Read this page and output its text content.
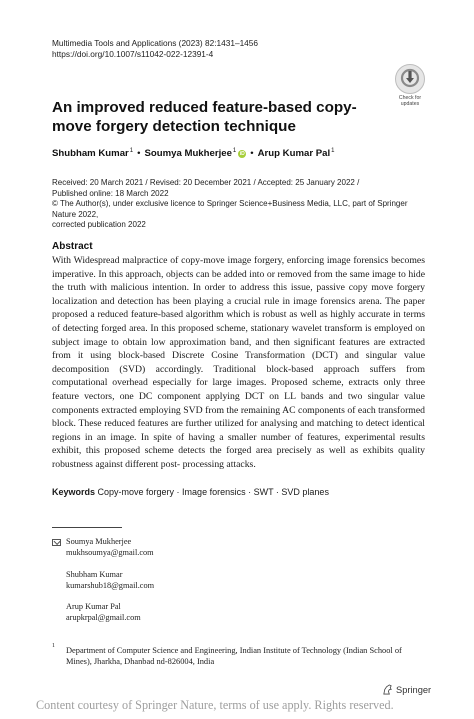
Multimedia Tools and Applications (2023) 82:1431–1456
https://doi.org/10.1007/s11042-022-12391-4
Check for
updates
An improved reduced feature-based copy-move forgery detection technique
Shubham Kumar$^1$ • Soumya Mukherjee$^1$ iD • Arup Kumar Pal$^1$
Received: 20 March 2021 / Revised: 20 December 2021 / Accepted: 25 January 2022 /
Published online: 18 March 2022
© The Author(s), under exclusive licence to Springer Science+Business Media, LLC, part of Springer Nature 2022,
corrected publication 2022
Abstract
With Widespread malpractice of copy-move image forgery, enforcing image forensics becomes imperative. In this approach, objects can be added into or removed from the same image to hide the truth with malicious intention. In order to address this issue, passive copy move forgery localization and detection has been playing a crucial rule in image forensics arena. The paper proposed a reduced feature-based algorithm which is robust as well as highly accurate in terms of detecting forged area. In this proposed scheme, stationary wavelet transform is employed on subject image to obtain low approximation band, and then significant features are extracted from it using block-based Discrete Cosine Transformation (DCT) and singular value decomposition (SVD) accordingly. Traditional block-based approach suffers from computational overhead especially for large images. Proposed scheme, extracts only three feature vectors, one DC component applying DCT on LL bands and two singular value components extracted employing SVD from the remaining AC components of each transformed block. These reduced features are further utilized for analysing and matching to detect identical regions in an image. In spite of having a smaller number of features, experimental results exhibit, this proposed scheme detects the forged area precisely as well as exhibits quality robustness against different post- processing attacks.
Keywords Copy-move forgery · Image forensics · SWT · SVD planes
Soumya Mukherjee
mukhsoumya@gmail.com
Shubham Kumar
kumarshub18@gmail.com
Arup Kumar Pal
arupkrpal@gmail.com
1 Department of Computer Science and Engineering, Indian Institute of Technology (Indian School of Mines), Jharkha, Dhanbad nd-826004, India
Springer
Content courtesy of Springer Nature, terms of use apply. Rights reserved.
